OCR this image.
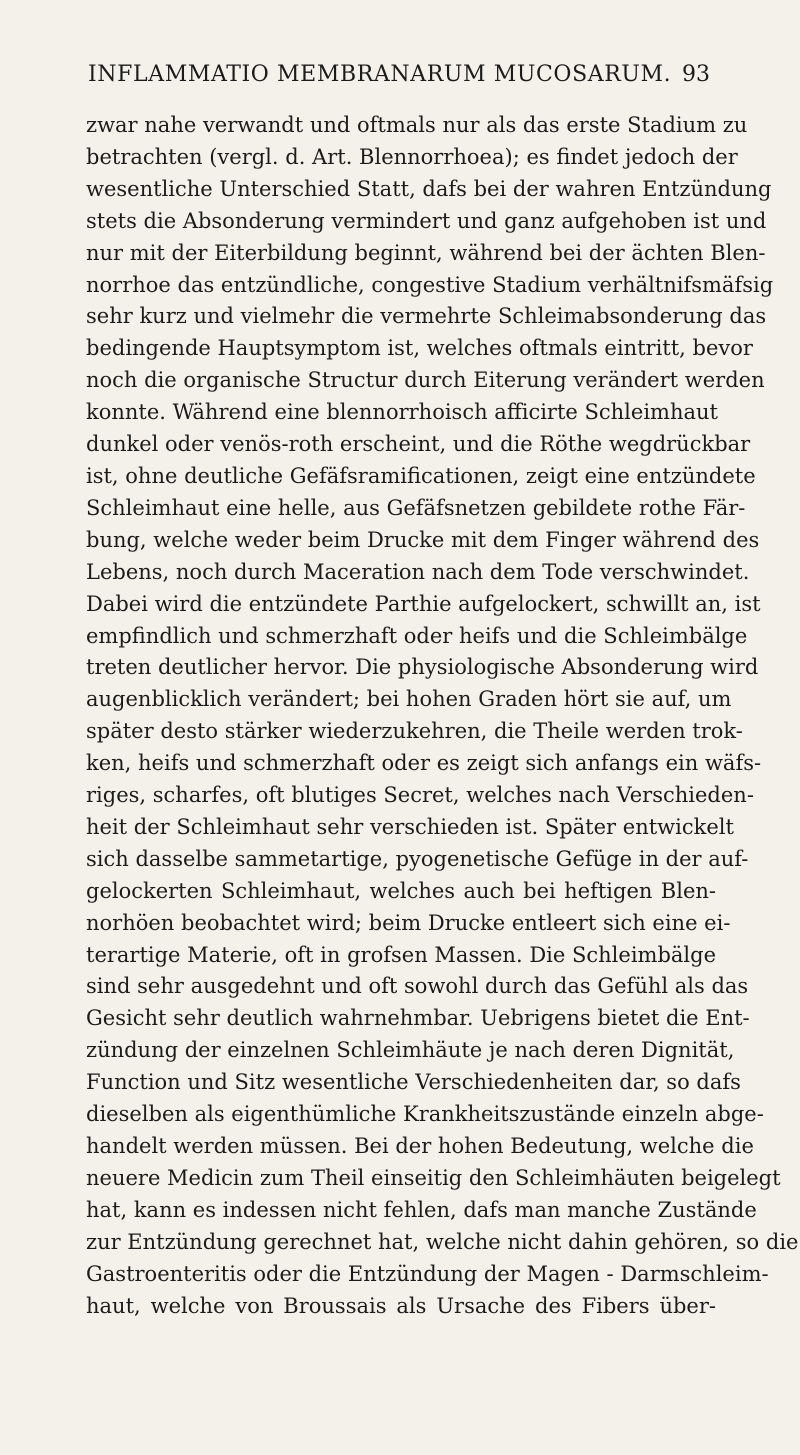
INFLAMMATIO MEMBRANARUM MUCOSARUM. 93
zwar nahe verwandt und oftmals nur als das erste Stadium zu
betrachten (vergl. d. Art. Blennorrhoea); es findet jedoch der
wesentliche Unterschied Statt, dafs bei der wahren Entzündung
stets die Absonderung vermindert und ganz aufgehoben ist und
nur mit der Eiterbildung beginnt, während bei der ächten Blen-
norrhoe das entzündliche, congestive Stadium verhältnifsmäfsig
sehr kurz und vielmehr die vermehrte Schleimabsonderung das
bedingende Hauptsymptom ist, welches oftmals eintritt, bevor
noch die organische Structur durch Eiterung verändert werden
konnte. Während eine blennorrhoisch afficirte Schleimhaut
dunkel oder venös-roth erscheint, und die Röthe wegdrückbar
ist, ohne deutliche Gefäfsramificationen, zeigt eine entzündete
Schleimhaut eine helle, aus Gefäfsnetzen gebildete rothe Fär-
bung, welche weder beim Drucke mit dem Finger während des
Lebens, noch durch Maceration nach dem Tode verschwindet.
Dabei wird die entzündete Parthie aufgelockert, schwillt an, ist
empfindlich und schmerzhaft oder heifs und die Schleimbälge
treten deutlicher hervor. Die physiologische Absonderung wird
augenblicklich verändert; bei hohen Graden hört sie auf, um
später desto stärker wiederzukehren, die Theile werden trok-
ken, heifs und schmerzhaft oder es zeigt sich anfangs ein wäfs-
riges, scharfes, oft blutiges Secret, welches nach Verschieden-
heit der Schleimhaut sehr verschieden ist. Später entwickelt
sich dasselbe sammetartige, pyogenetische Gefüge in der auf-
gelockerten Schleimhaut, welches auch bei heftigen Blen-
norhöen beobachtet wird; beim Drucke entleert sich eine ei-
terartige Materie, oft in grofsen Massen. Die Schleimbälge
sind sehr ausgedehnt und oft sowohl durch das Gefühl als das
Gesicht sehr deutlich wahrnehmbar. Uebrigens bietet die Ent-
zündung der einzelnen Schleimhäute je nach deren Dignität,
Function und Sitz wesentliche Verschiedenheiten dar, so dafs
dieselben als eigenthümliche Krankheitszustände einzeln abge-
handelt werden müssen. Bei der hohen Bedeutung, welche die
neuere Medicin zum Theil einseitig den Schleimhäuten beigelegt
hat, kann es indessen nicht fehlen, dafs man manche Zustände
zur Entzündung gerechnet hat, welche nicht dahin gehören, so die
Gastroenteritis oder die Entzündung der Magen - Darmschleim-
haut, welche von Broussais als Ursache des Fibers über-
